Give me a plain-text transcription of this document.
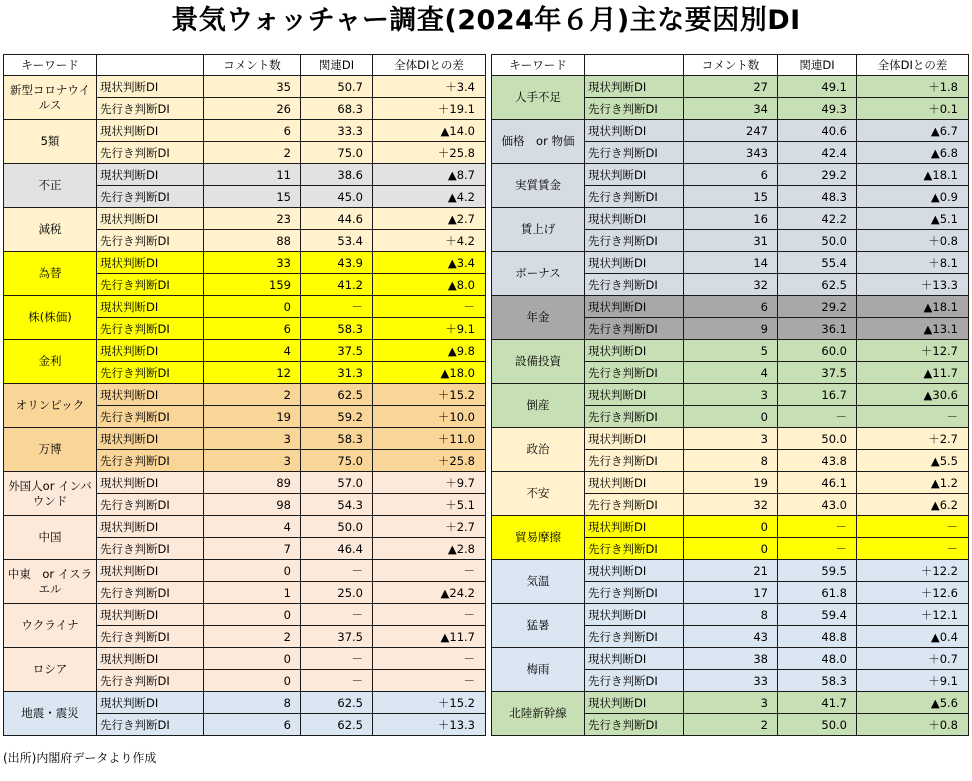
景気ウォッチャー調査(2024年６月)主な要因別DI
キーワード		コメント数	関連DI	全体DIとの差
新型コロナウイルス	現状判断DI	35	50.7	＋3.4
	先行き判断DI	26	68.3	＋19.1
5類	現状判断DI	6	33.3	▲14.0
	先行き判断DI	2	75.0	＋25.8
不正	現状判断DI	11	38.6	▲8.7
	先行き判断DI	15	45.0	▲4.2
減税	現状判断DI	23	44.6	▲2.7
	先行き判断DI	88	53.4	＋4.2
為替	現状判断DI	33	43.9	▲3.4
	先行き判断DI	159	41.2	▲8.0
株(株価)	現状判断DI	0	－	－
	先行き判断DI	6	58.3	＋9.1
金利	現状判断DI	4	37.5	▲9.8
	先行き判断DI	12	31.3	▲18.0
オリンピック	現状判断DI	2	62.5	＋15.2
	先行き判断DI	19	59.2	＋10.0
万博	現状判断DI	3	58.3	＋11.0
	先行き判断DI	3	75.0	＋25.8
外国人or インバウンド	現状判断DI	89	57.0	＋9.7
	先行き判断DI	98	54.3	＋5.1
中国	現状判断DI	4	50.0	＋2.7
	先行き判断DI	7	46.4	▲2.8
中東　or イスラエル	現状判断DI	0	－	－
	先行き判断DI	1	25.0	▲24.2
ウクライナ	現状判断DI	0	－	－
	先行き判断DI	2	37.5	▲11.7
ロシア	現状判断DI	0	－	－
	先行き判断DI	0	－	－
地震・震災	現状判断DI	8	62.5	＋15.2
	先行き判断DI	6	62.5	＋13.3
キーワード		コメント数	関連DI	全体DIとの差
人手不足	現状判断DI	27	49.1	＋1.8
	先行き判断DI	34	49.3	＋0.1
価格　or 物価	現状判断DI	247	40.6	▲6.7
	先行き判断DI	343	42.4	▲6.8
実質賃金	現状判断DI	6	29.2	▲18.1
	先行き判断DI	15	48.3	▲0.9
賃上げ	現状判断DI	16	42.2	▲5.1
	先行き判断DI	31	50.0	＋0.8
ボーナス	現状判断DI	14	55.4	＋8.1
	先行き判断DI	32	62.5	＋13.3
年金	現状判断DI	6	29.2	▲18.1
	先行き判断DI	9	36.1	▲13.1
設備投資	現状判断DI	5	60.0	＋12.7
	先行き判断DI	4	37.5	▲11.7
倒産	現状判断DI	3	16.7	▲30.6
	先行き判断DI	0	－	－
政治	現状判断DI	3	50.0	＋2.7
	先行き判断DI	8	43.8	▲5.5
不安	現状判断DI	19	46.1	▲1.2
	先行き判断DI	32	43.0	▲6.2
貿易摩擦	現状判断DI	0	－	－
	先行き判断DI	0	－	－
気温	現状判断DI	21	59.5	＋12.2
	先行き判断DI	17	61.8	＋12.6
猛暑	現状判断DI	8	59.4	＋12.1
	先行き判断DI	43	48.8	▲0.4
梅雨	現状判断DI	38	48.0	＋0.7
	先行き判断DI	33	58.3	＋9.1
北陸新幹線	現状判断DI	3	41.7	▲5.6
	先行き判断DI	2	50.0	＋0.8
(出所)内閣府データより作成
